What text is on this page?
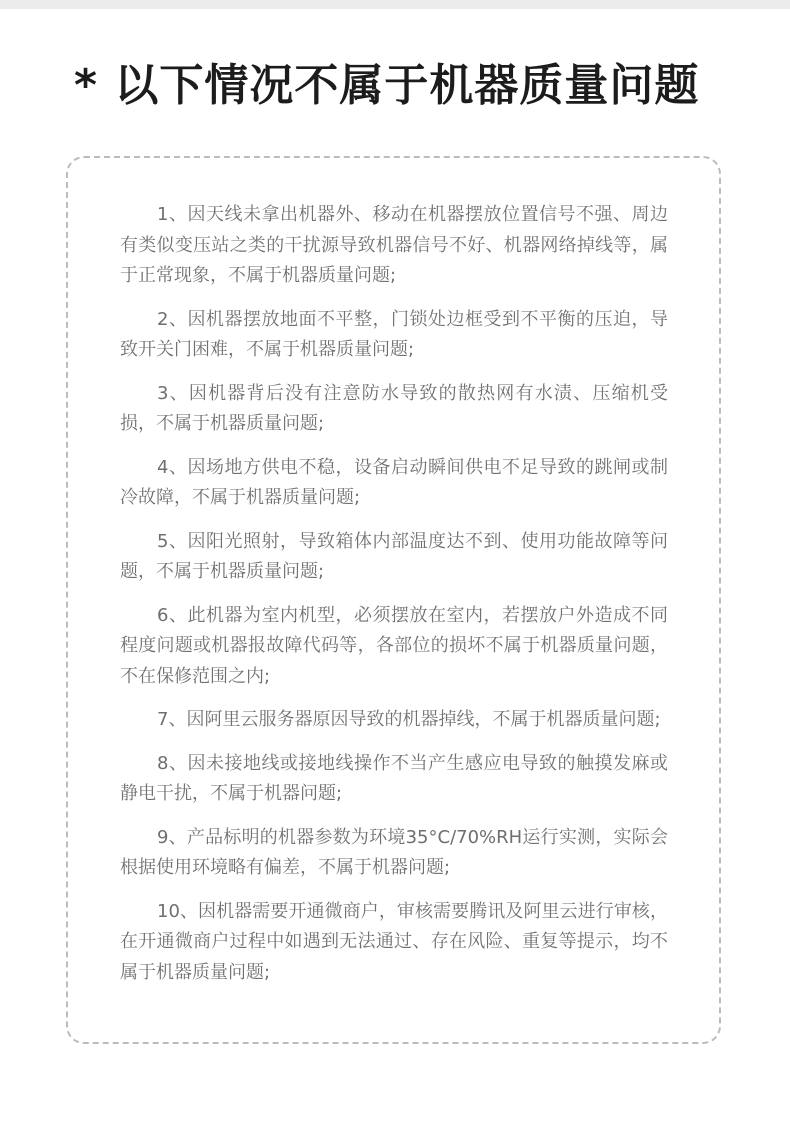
* 以下情况不属于机器质量问题
1、因天线未拿出机器外、移动在机器摆放位置信号不强、周边有类似变压站之类的干扰源导致机器信号不好、机器网络掉线等，属于正常现象，不属于机器质量问题;
2、因机器摆放地面不平整，门锁处边框受到不平衡的压迫，导致开关门困难，不属于机器质量问题;
3、因机器背后没有注意防水导致的散热网有水渍、压缩机受损，不属于机器质量问题;
4、因场地方供电不稳，设备启动瞬间供电不足导致的跳闸或制冷故障，不属于机器质量问题;
5、因阳光照射，导致箱体内部温度达不到、使用功能故障等问题，不属于机器质量问题;
6、此机器为室内机型，必须摆放在室内，若摆放户外造成不同程度问题或机器报故障代码等，各部位的损坏不属于机器质量问题，不在保修范围之内;
7、因阿里云服务器原因导致的机器掉线，不属于机器质量问题;
8、因未接地线或接地线操作不当产生感应电导致的触摸发麻或静电干扰，不属于机器问题;
9、产品标明的机器参数为环境35°C/70%RH运行实测，实际会根据使用环境略有偏差，不属于机器问题;
10、因机器需要开通微商户，审核需要腾讯及阿里云进行审核，在开通微商户过程中如遇到无法通过、存在风险、重复等提示，均不属于机器质量问题;
